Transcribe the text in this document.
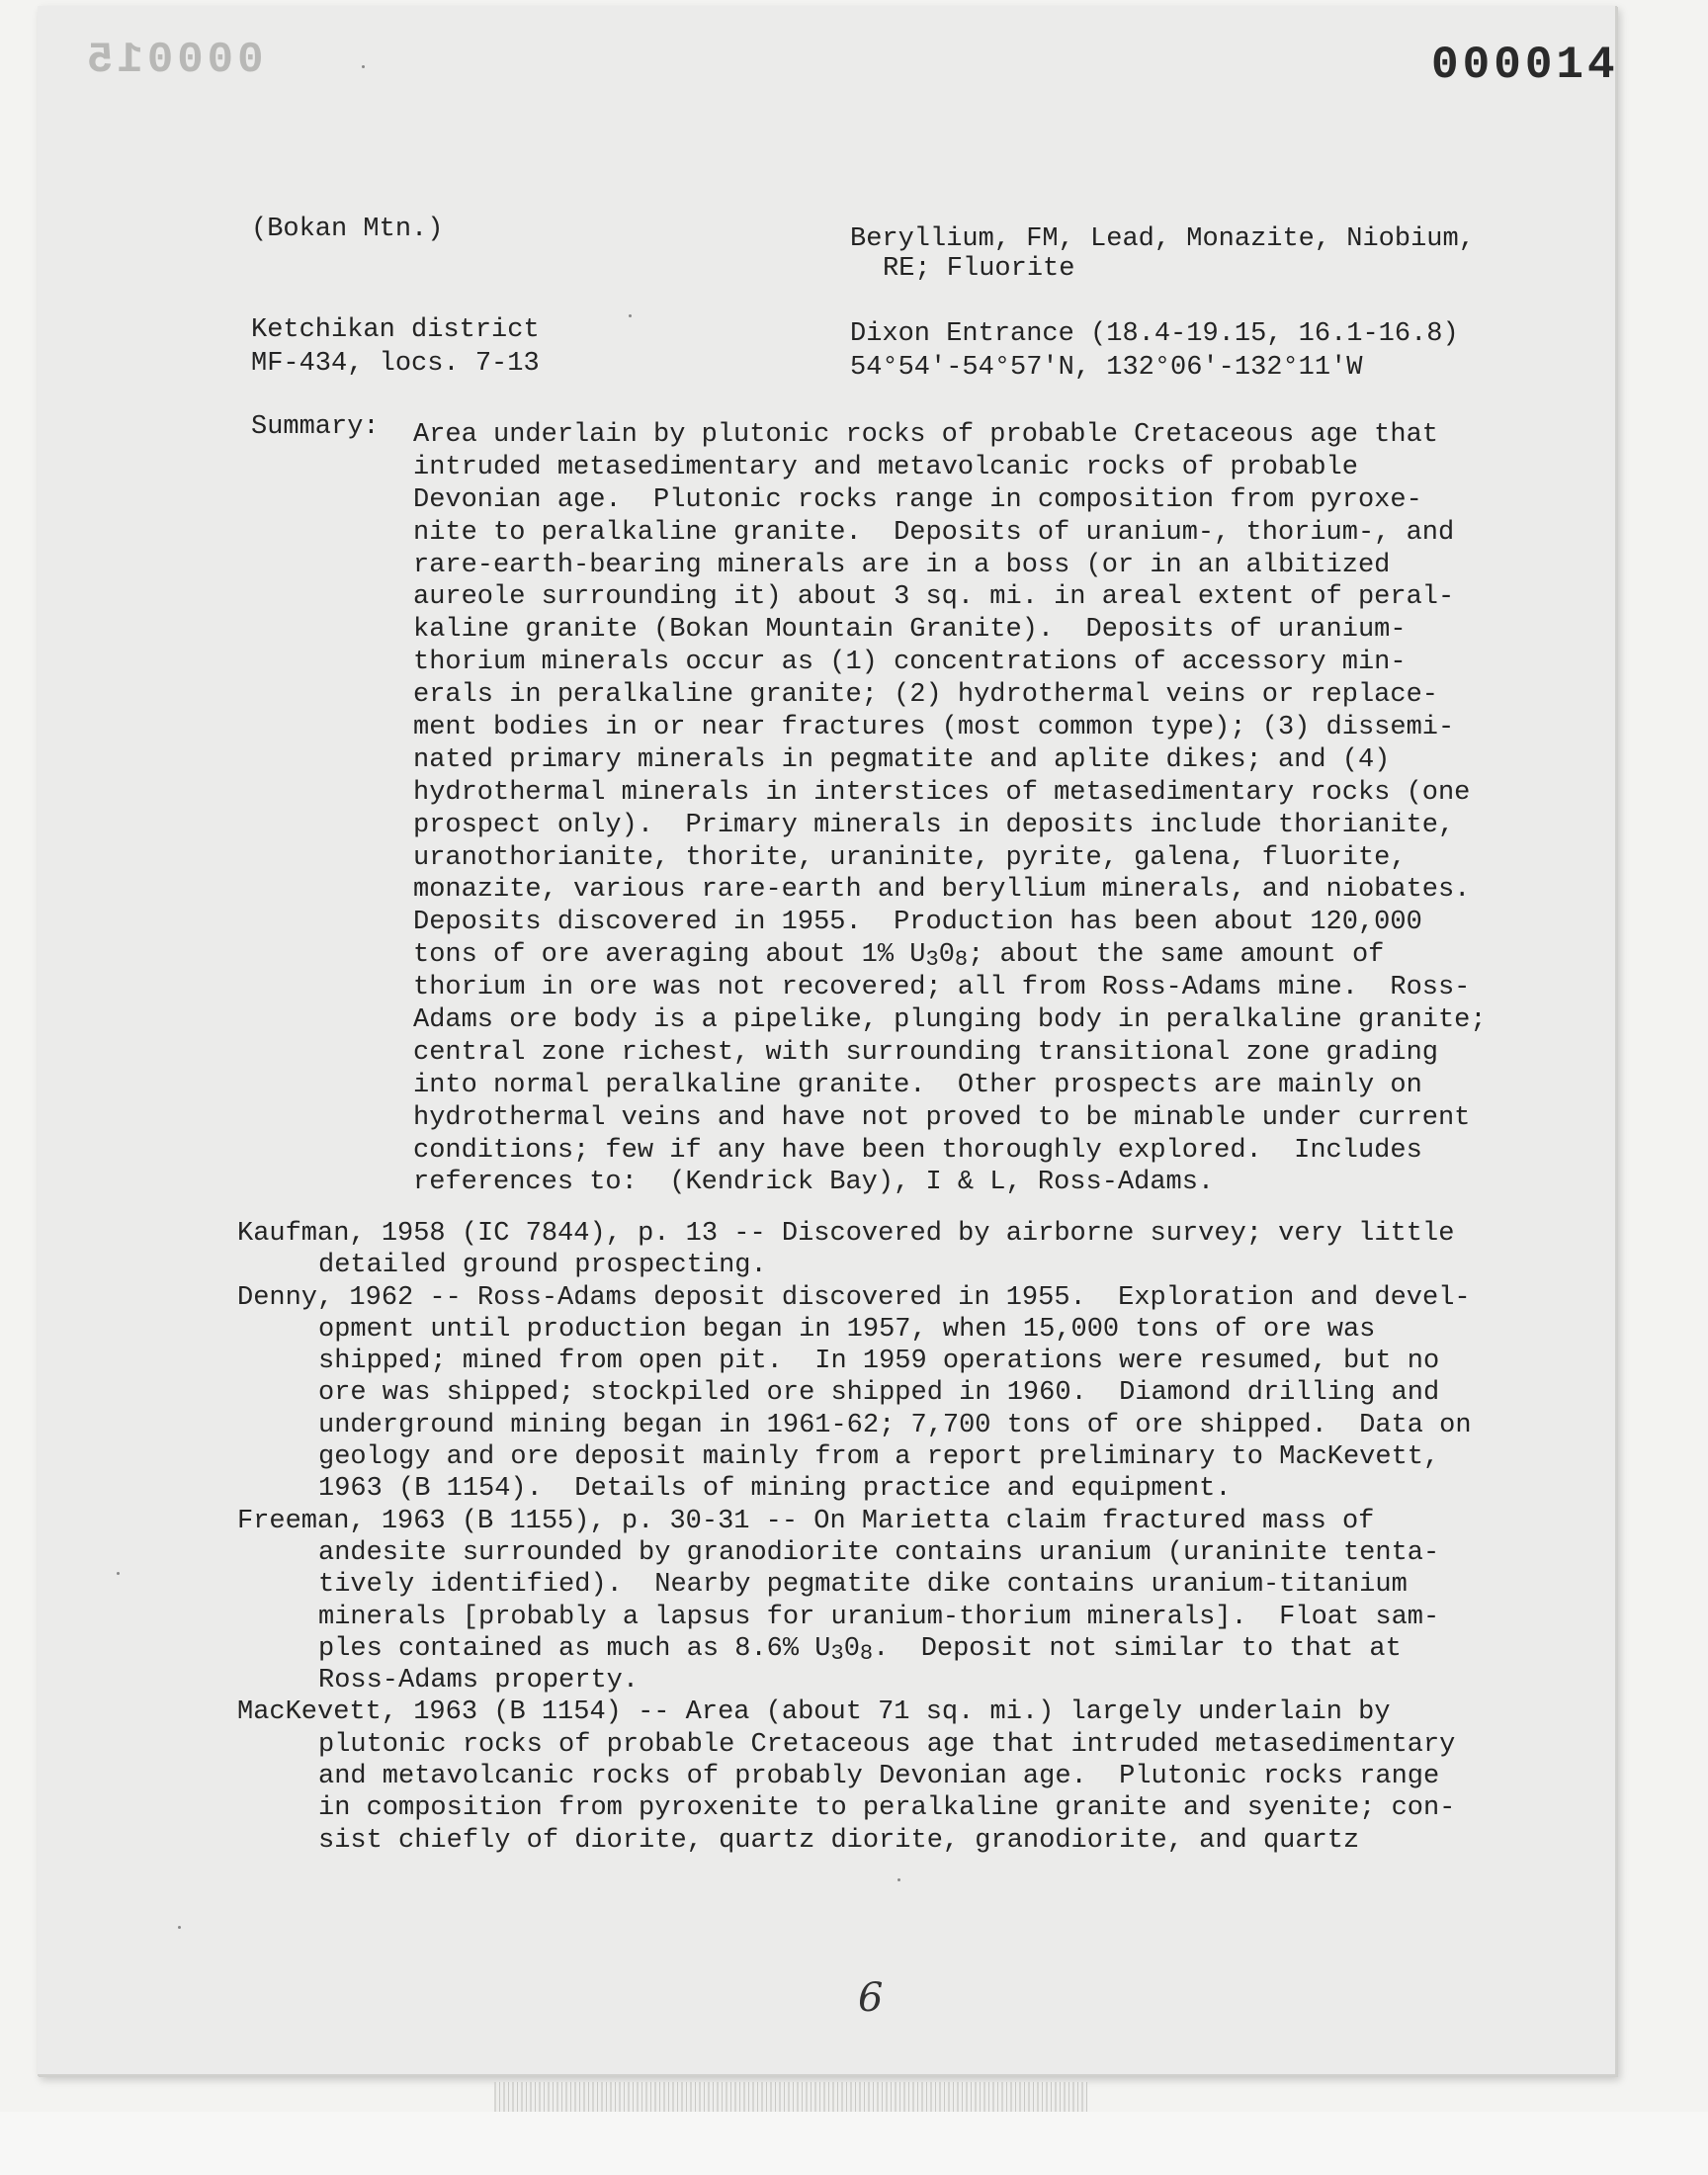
000015	000014
(Bokan Mtn.)	Beryllium, FM, Lead, Monazite, Niobium,
RE; Fluorite
Ketchikan district
MF-434, locs. 7-13
Dixon Entrance (18.4-19.15, 16.1-16.8)
54°54'-54°57'N, 132°06'-132°11'W
Summary: Area underlain by plutonic rocks of probable Cretaceous age that
intruded metasedimentary and metavolcanic rocks of probable
Devonian age.  Plutonic rocks range in composition from pyroxe-
nite to peralkaline granite.  Deposits of uranium-, thorium-, and
rare-earth-bearing minerals are in a boss (or in an albitized
aureole surrounding it) about 3 sq. mi. in areal extent of peral-
kaline granite (Bokan Mountain Granite).  Deposits of uranium-
thorium minerals occur as (1) concentrations of accessory min-
erals in peralkaline granite; (2) hydrothermal veins or replace-
ment bodies in or near fractures (most common type); (3) dissemi-
nated primary minerals in pegmatite and aplite dikes; and (4)
hydrothermal minerals in interstices of metasedimentary rocks (one
prospect only).  Primary minerals in deposits include thorianite,
uranothorianite, thorite, uraninite, pyrite, galena, fluorite,
monazite, various rare-earth and beryllium minerals, and niobates.
Deposits discovered in 1955.  Production has been about 120,000
tons of ore averaging about 1% $U_30_8$; about the same amount of
thorium in ore was not recovered; all from Ross-Adams mine.  Ross-
Adams ore body is a pipelike, plunging body in peralkaline granite;
central zone richest, with surrounding transitional zone grading
into normal peralkaline granite.  Other prospects are mainly on
hydrothermal veins and have not proved to be minable under current
conditions; few if any have been thoroughly explored.  Includes
references to:  (Kendrick Bay), I & L, Ross-Adams.
Kaufman, 1958 (IC 7844), p. 13 -- Discovered by airborne survey; very little
detailed ground prospecting.
Denny, 1962 -- Ross-Adams deposit discovered in 1955.  Exploration and devel-
opment until production began in 1957, when 15,000 tons of ore was
shipped; mined from open pit.  In 1959 operations were resumed, but no
ore was shipped; stockpiled ore shipped in 1960.  Diamond drilling and
underground mining began in 1961-62; 7,700 tons of ore shipped.  Data on
geology and ore deposit mainly from a report preliminary to MacKevett,
1963 (B 1154).  Details of mining practice and equipment.
Freeman, 1963 (B 1155), p. 30-31 -- On Marietta claim fractured mass of
andesite surrounded by granodiorite contains uranium (uraninite tenta-
tively identified).  Nearby pegmatite dike contains uranium-titanium
minerals [probably a lapsus for uranium-thorium minerals].  Float sam-
ples contained as much as 8.6% $U_30_8$.  Deposit not similar to that at
Ross-Adams property.
MacKevett, 1963 (B 1154) -- Area (about 71 sq. mi.) largely underlain by
plutonic rocks of probable Cretaceous age that intruded metasedimentary
and metavolcanic rocks of probably Devonian age.  Plutonic rocks range
in composition from pyroxenite to peralkaline granite and syenite; con-
sist chiefly of diorite, quartz diorite, granodiorite, and quartz
6
